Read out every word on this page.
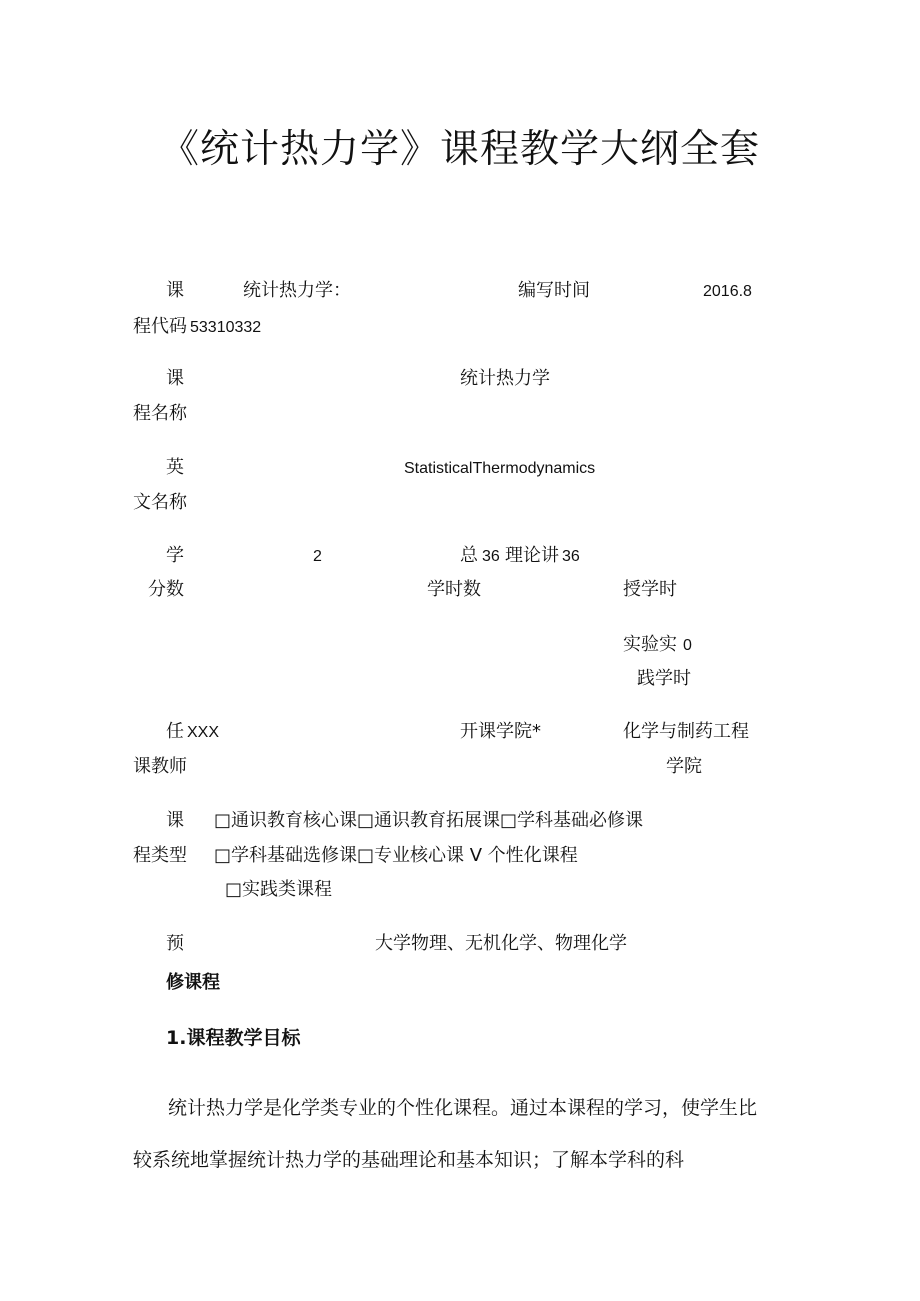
《统计热力学》课程教学大纲全套
课	统计热力学：	编写时间	2016.8
程代码 53310332
课	统计热力学
程名称
英	StatisticalThermodynamics
文名称
学	2	总 36 理论讲 36
分数	学时数	授学时
实验实 0
践学时
任 XXX	开课学院*	化学与制药工程
课教师	学院
课 □通识教育核心课□通识教育拓展课□学科基础必修课
程类型 □学科基础选修课□专业核心课 V 个性化课程
□实践类课程
预	大学物理、无机化学、物理化学
修课程
1.课程教学目标
统计热力学是化学类专业的个性化课程。通过本课程的学习，使学生比
较系统地掌握统计热力学的基础理论和基本知识；了解本学科的科
